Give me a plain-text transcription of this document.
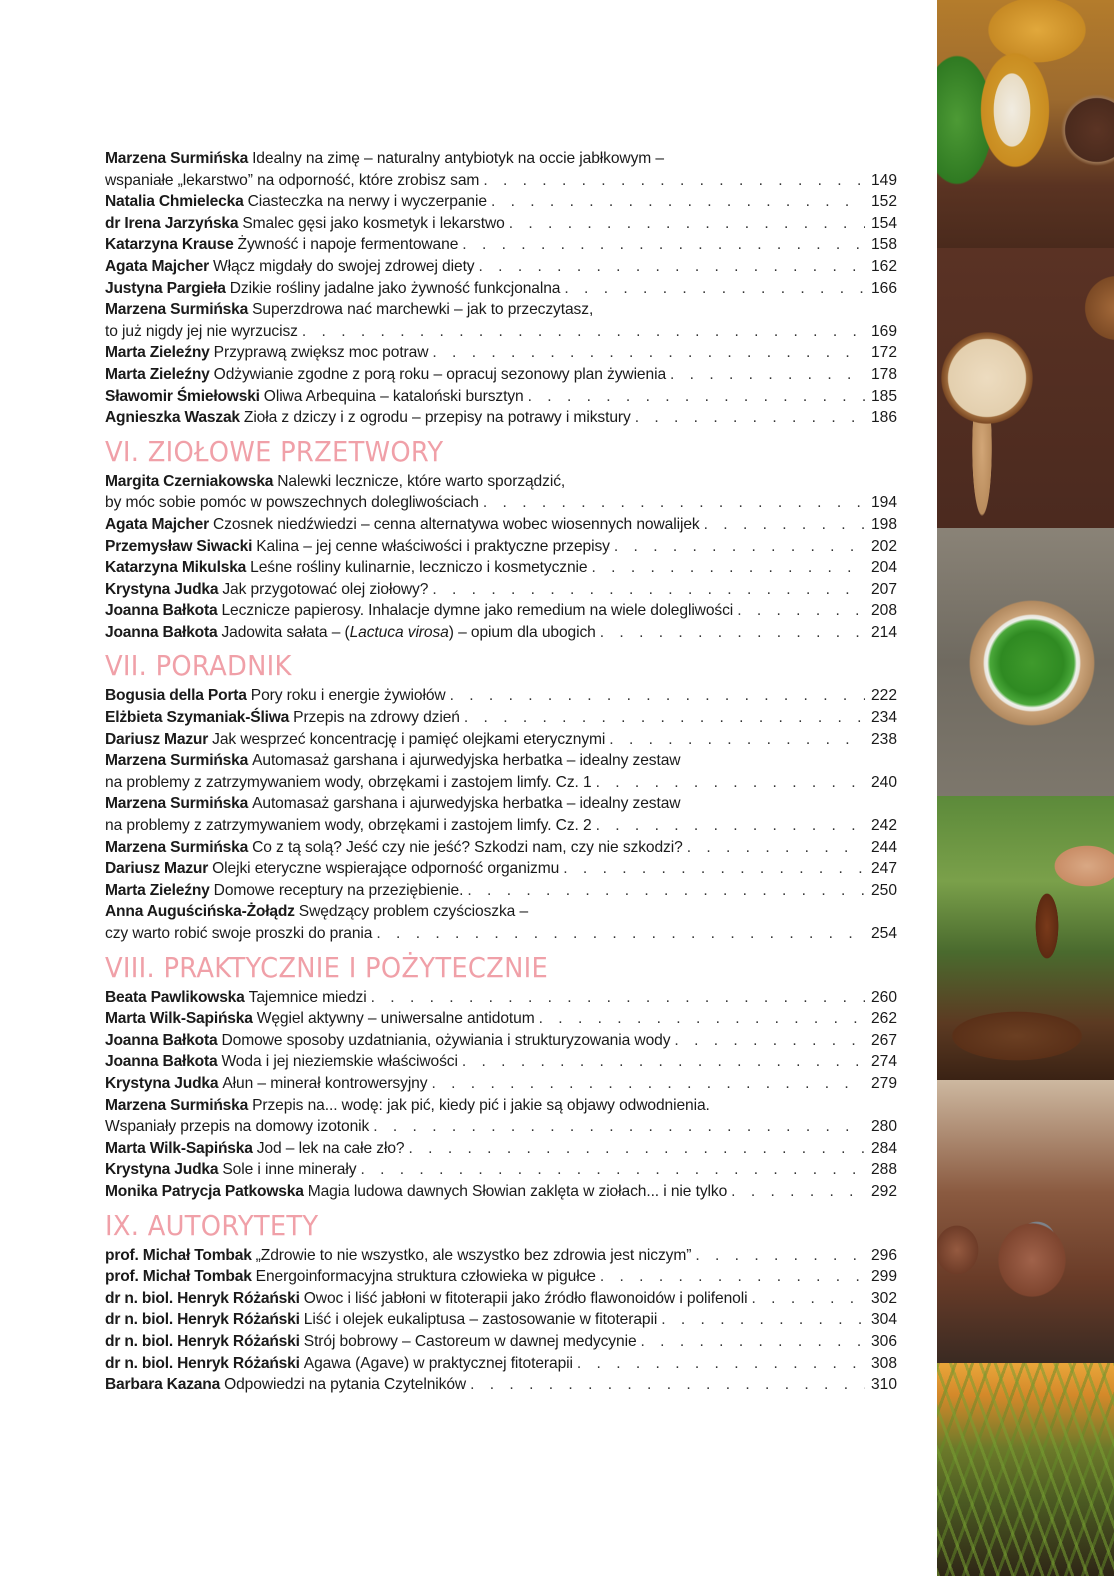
Marzena Surmińska Idealny na zimę – naturalny antybiotyk na occie jabłkowym –
wspaniałe „lekarstwo” na odporność, które zrobisz sam . . .	149
Natalia Chmielecka Ciasteczka na nerwy i wyczerpanie . . .	152
dr Irena Jarzyńska Smalec gęsi jako kosmetyk i lekarstwo . . .	154
Katarzyna Krause Żywność i napoje fermentowane . . .	158
Agata Majcher Włącz migdały do swojej zdrowej diety . . .	162
Justyna Pargieła Dzikie rośliny jadalne jako żywność funkcjonalna . . .	166
Marzena Surmińska Superzdrowa nać marchewki – jak to przeczytasz,
to już nigdy jej nie wyrzucisz . . .	169
Marta Zieleźny Przyprawą zwiększ moc potraw . . .	172
Marta Zieleźny Odżywianie zgodne z porą roku – opracuj sezonowy plan żywienia . . .	178
Sławomir Śmiełowski Oliwa Arbequina – kataloński bursztyn . . .	185
Agnieszka Waszak Zioła z dziczy i z ogrodu – przepisy na potrawy i mikstury . . .	186
VI. ZIOŁOWE PRZETWORY
Margita Czerniakowska Nalewki lecznicze, które warto sporządzić,
by móc sobie pomóc w powszechnych dolegliwościach . . .	194
Agata Majcher Czosnek niedźwiedzi – cenna alternatywa wobec wiosennych nowalijek . . .	198
Przemysław Siwacki Kalina – jej cenne właściwości i praktyczne przepisy . . .	202
Katarzyna Mikulska Leśne rośliny kulinarnie, leczniczo i kosmetycznie . . .	204
Krystyna Judka Jak przygotować olej ziołowy? . . .	207
Joanna Bałkota Lecznicze papierosy. Inhalacje dymne jako remedium na wiele dolegliwości . . .	208
Joanna Bałkota Jadowita sałata – (Lactuca virosa) – opium dla ubogich . . .	214
VII. PORADNIK
Bogusia della Porta Pory roku i energie żywiołów . . .	222
Elżbieta Szymaniak-Śliwa Przepis na zdrowy dzień . . .	234
Dariusz Mazur Jak wesprzeć koncentrację i pamięć olejkami eterycznymi . . .	238
Marzena Surmińska Automasaż garshana i ajurwedyjska herbatka – idealny zestaw
na problemy z zatrzymywaniem wody, obrzękami i zastojem limfy. Cz. 1 . . .	240
Marzena Surmińska Automasaż garshana i ajurwedyjska herbatka – idealny zestaw
na problemy z zatrzymywaniem wody, obrzękami i zastojem limfy. Cz. 2 . . .	242
Marzena Surmińska Co z tą solą? Jeść czy nie jeść? Szkodzi nam, czy nie szkodzi? . . .	244
Dariusz Mazur Olejki eteryczne wspierające odporność organizmu . . .	247
Marta Zieleźny Domowe receptury na przeziębienie. . . .	250
Anna Auguścińska-Żołądz Swędzący problem czyścioszka –
czy warto robić swoje proszki do prania . . .	254
VIII. PRAKTYCZNIE I POŻYTECZNIE
Beata Pawlikowska Tajemnice miedzi . . .	260
Marta Wilk-Sapińska Węgiel aktywny – uniwersalne antidotum . . .	262
Joanna Bałkota Domowe sposoby uzdatniania, ożywiania i strukturyzowania wody . . .	267
Joanna Bałkota Woda i jej nieziemskie właściwości . . .	274
Krystyna Judka Ałun – minerał kontrowersyjny . . .	279
Marzena Surmińska Przepis na... wodę: jak pić, kiedy pić i jakie są objawy odwodnienia.
Wspaniały przepis na domowy izotonik . . .	280
Marta Wilk-Sapińska Jod – lek na całe zło? . . .	284
Krystyna Judka Sole i inne minerały . . .	288
Monika Patrycja Patkowska Magia ludowa dawnych Słowian zaklęta w ziołach... i nie tylko . . .	292
IX. AUTORYTETY
prof. Michał Tombak „Zdrowie to nie wszystko, ale wszystko bez zdrowia jest niczym” . . .	296
prof. Michał Tombak Energoinformacyjna struktura człowieka w pigułce . . .	299
dr n. biol. Henryk Różański Owoc i liść jabłoni w fitoterapii jako źródło flawonoidów i polifenoli . . .	302
dr n. biol. Henryk Różański Liść i olejek eukaliptusa – zastosowanie w fitoterapii . . .	304
dr n. biol. Henryk Różański Strój bobrowy – Castoreum w dawnej medycynie . . .	306
dr n. biol. Henryk Różański Agawa (Agave) w praktycznej fitoterapii . . .	308
Barbara Kazana Odpowiedzi na pytania Czytelników . . .	310
